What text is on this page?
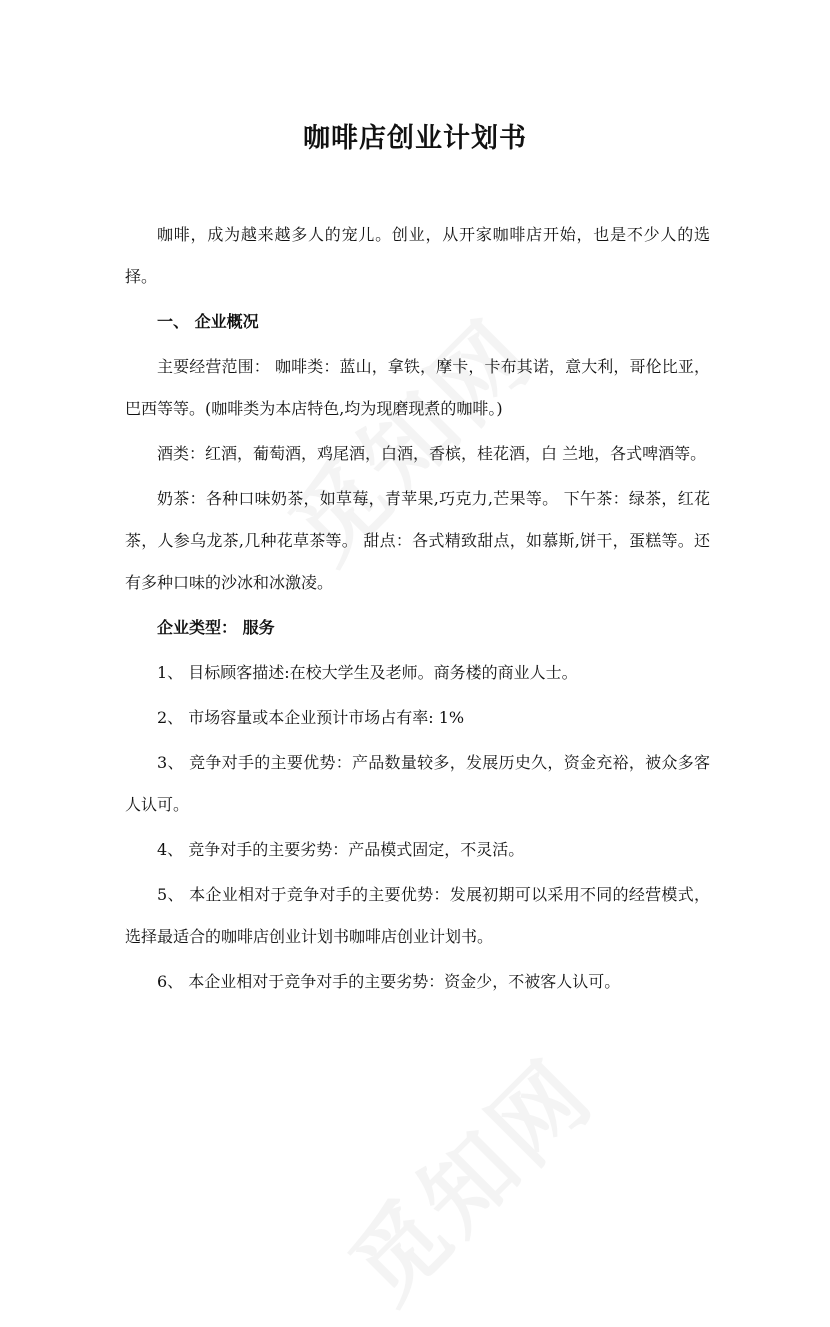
咖啡店创业计划书

咖啡，成为越来越多人的宠儿。创业，从开家咖啡店开始，也是不少人的选择。

一、 企业概况

主要经营范围： 咖啡类：蓝山，拿铁，摩卡，卡布其诺，意大利，哥伦比亚，巴西等等。(咖啡类为本店特色,均为现磨现煮的咖啡。)

酒类：红酒，葡萄酒，鸡尾酒，白酒，香槟，桂花酒，白 兰地，各式啤酒等。

奶茶：各种口味奶茶，如草莓，青苹果,巧克力,芒果等。 下午茶：绿茶，红花茶，人参乌龙茶,几种花草茶等。 甜点：各式精致甜点，如慕斯,饼干，蛋糕等。还有多种口味的沙冰和冰激凌。

企业类型： 服务

1、 目标顾客描述:在校大学生及老师。商务楼的商业人士。

2、 市场容量或本企业预计市场占有率: 1%

3、 竞争对手的主要优势：产品数量较多，发展历史久，资金充裕，被众多客人认可。

4、 竞争对手的主要劣势：产品模式固定，不灵活。

5、 本企业相对于竞争对手的主要优势：发展初期可以采用不同的经营模式，选择最适合的咖啡店创业计划书咖啡店创业计划书。

6、 本企业相对于竞争对手的主要劣势：资金少，不被客人认可。
